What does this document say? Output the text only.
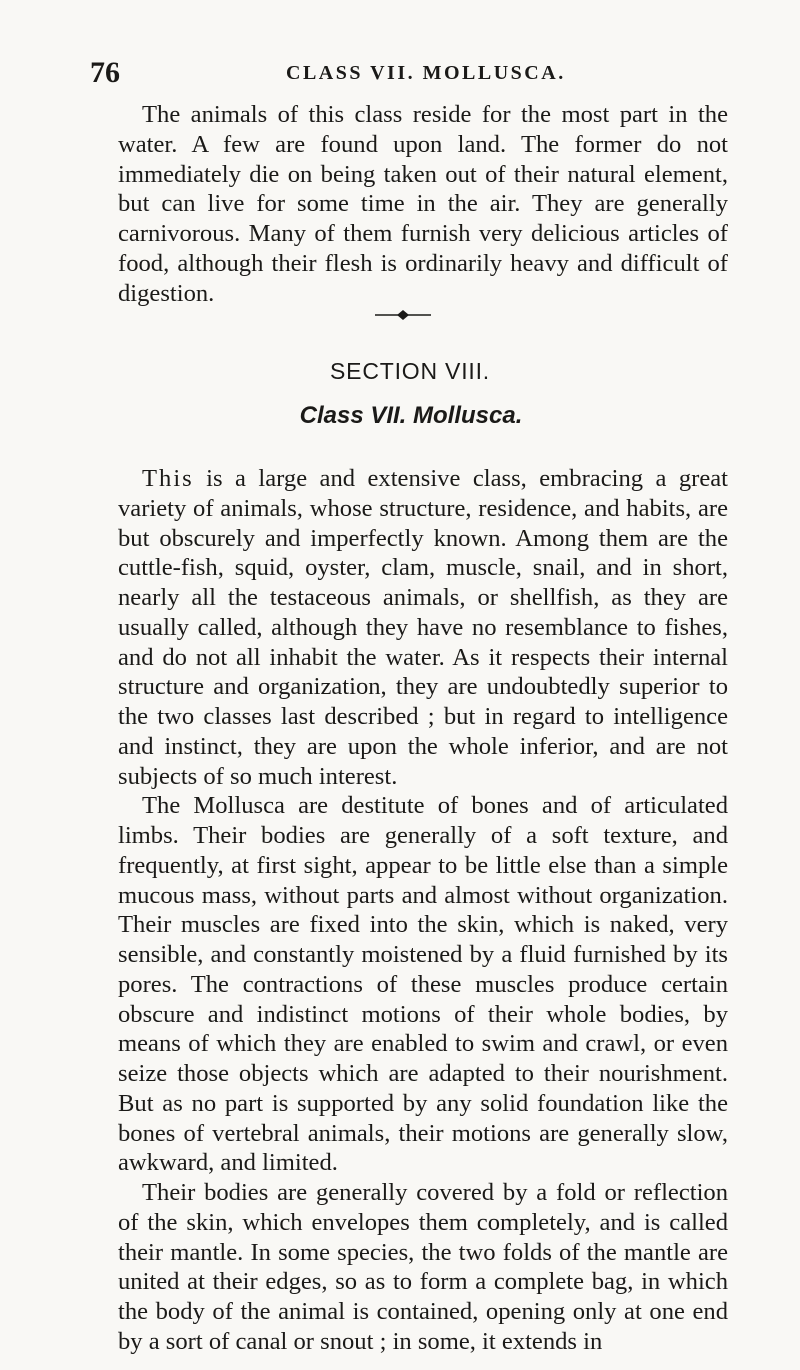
76	CLASS VII. MOLLUSCA.

The animals of this class reside for the most part in the water. A few are found upon land. The former do not immediately die on being taken out of their natural element, but can live for some time in the air. They are generally carnivorous. Many of them furnish very delicious articles of food, although their flesh is ordinarily heavy and difficult of digestion.

SECTION VIII.
Class VII. Mollusca.

This is a large and extensive class, embracing a great variety of animals, whose structure, residence, and habits, are but obscurely and imperfectly known. Among them are the cuttle-fish, squid, oyster, clam, muscle, snail, and in short, nearly all the testaceous animals, or shellfish, as they are usually called, although they have no resemblance to fishes, and do not all inhabit the water. As it respects their internal structure and organization, they are undoubtedly superior to the two classes last described ; but in regard to intelligence and instinct, they are upon the whole inferior, and are not subjects of so much interest.

The Mollusca are destitute of bones and of articulated limbs. Their bodies are generally of a soft texture, and frequently, at first sight, appear to be little else than a simple mucous mass, without parts and almost without organization. Their muscles are fixed into the skin, which is naked, very sensible, and constantly moistened by a fluid furnished by its pores. The contractions of these muscles produce certain obscure and indistinct motions of their whole bodies, by means of which they are enabled to swim and crawl, or even seize those objects which are adapted to their nourishment. But as no part is supported by any solid foundation like the bones of vertebral animals, their motions are generally slow, awkward, and limited.

Their bodies are generally covered by a fold or reflection of the skin, which envelopes them completely, and is called their mantle. In some species, the two folds of the mantle are united at their edges, so as to form a complete bag, in which the body of the animal is contained, opening only at one end by a sort of canal or snout ; in some, it extends in
